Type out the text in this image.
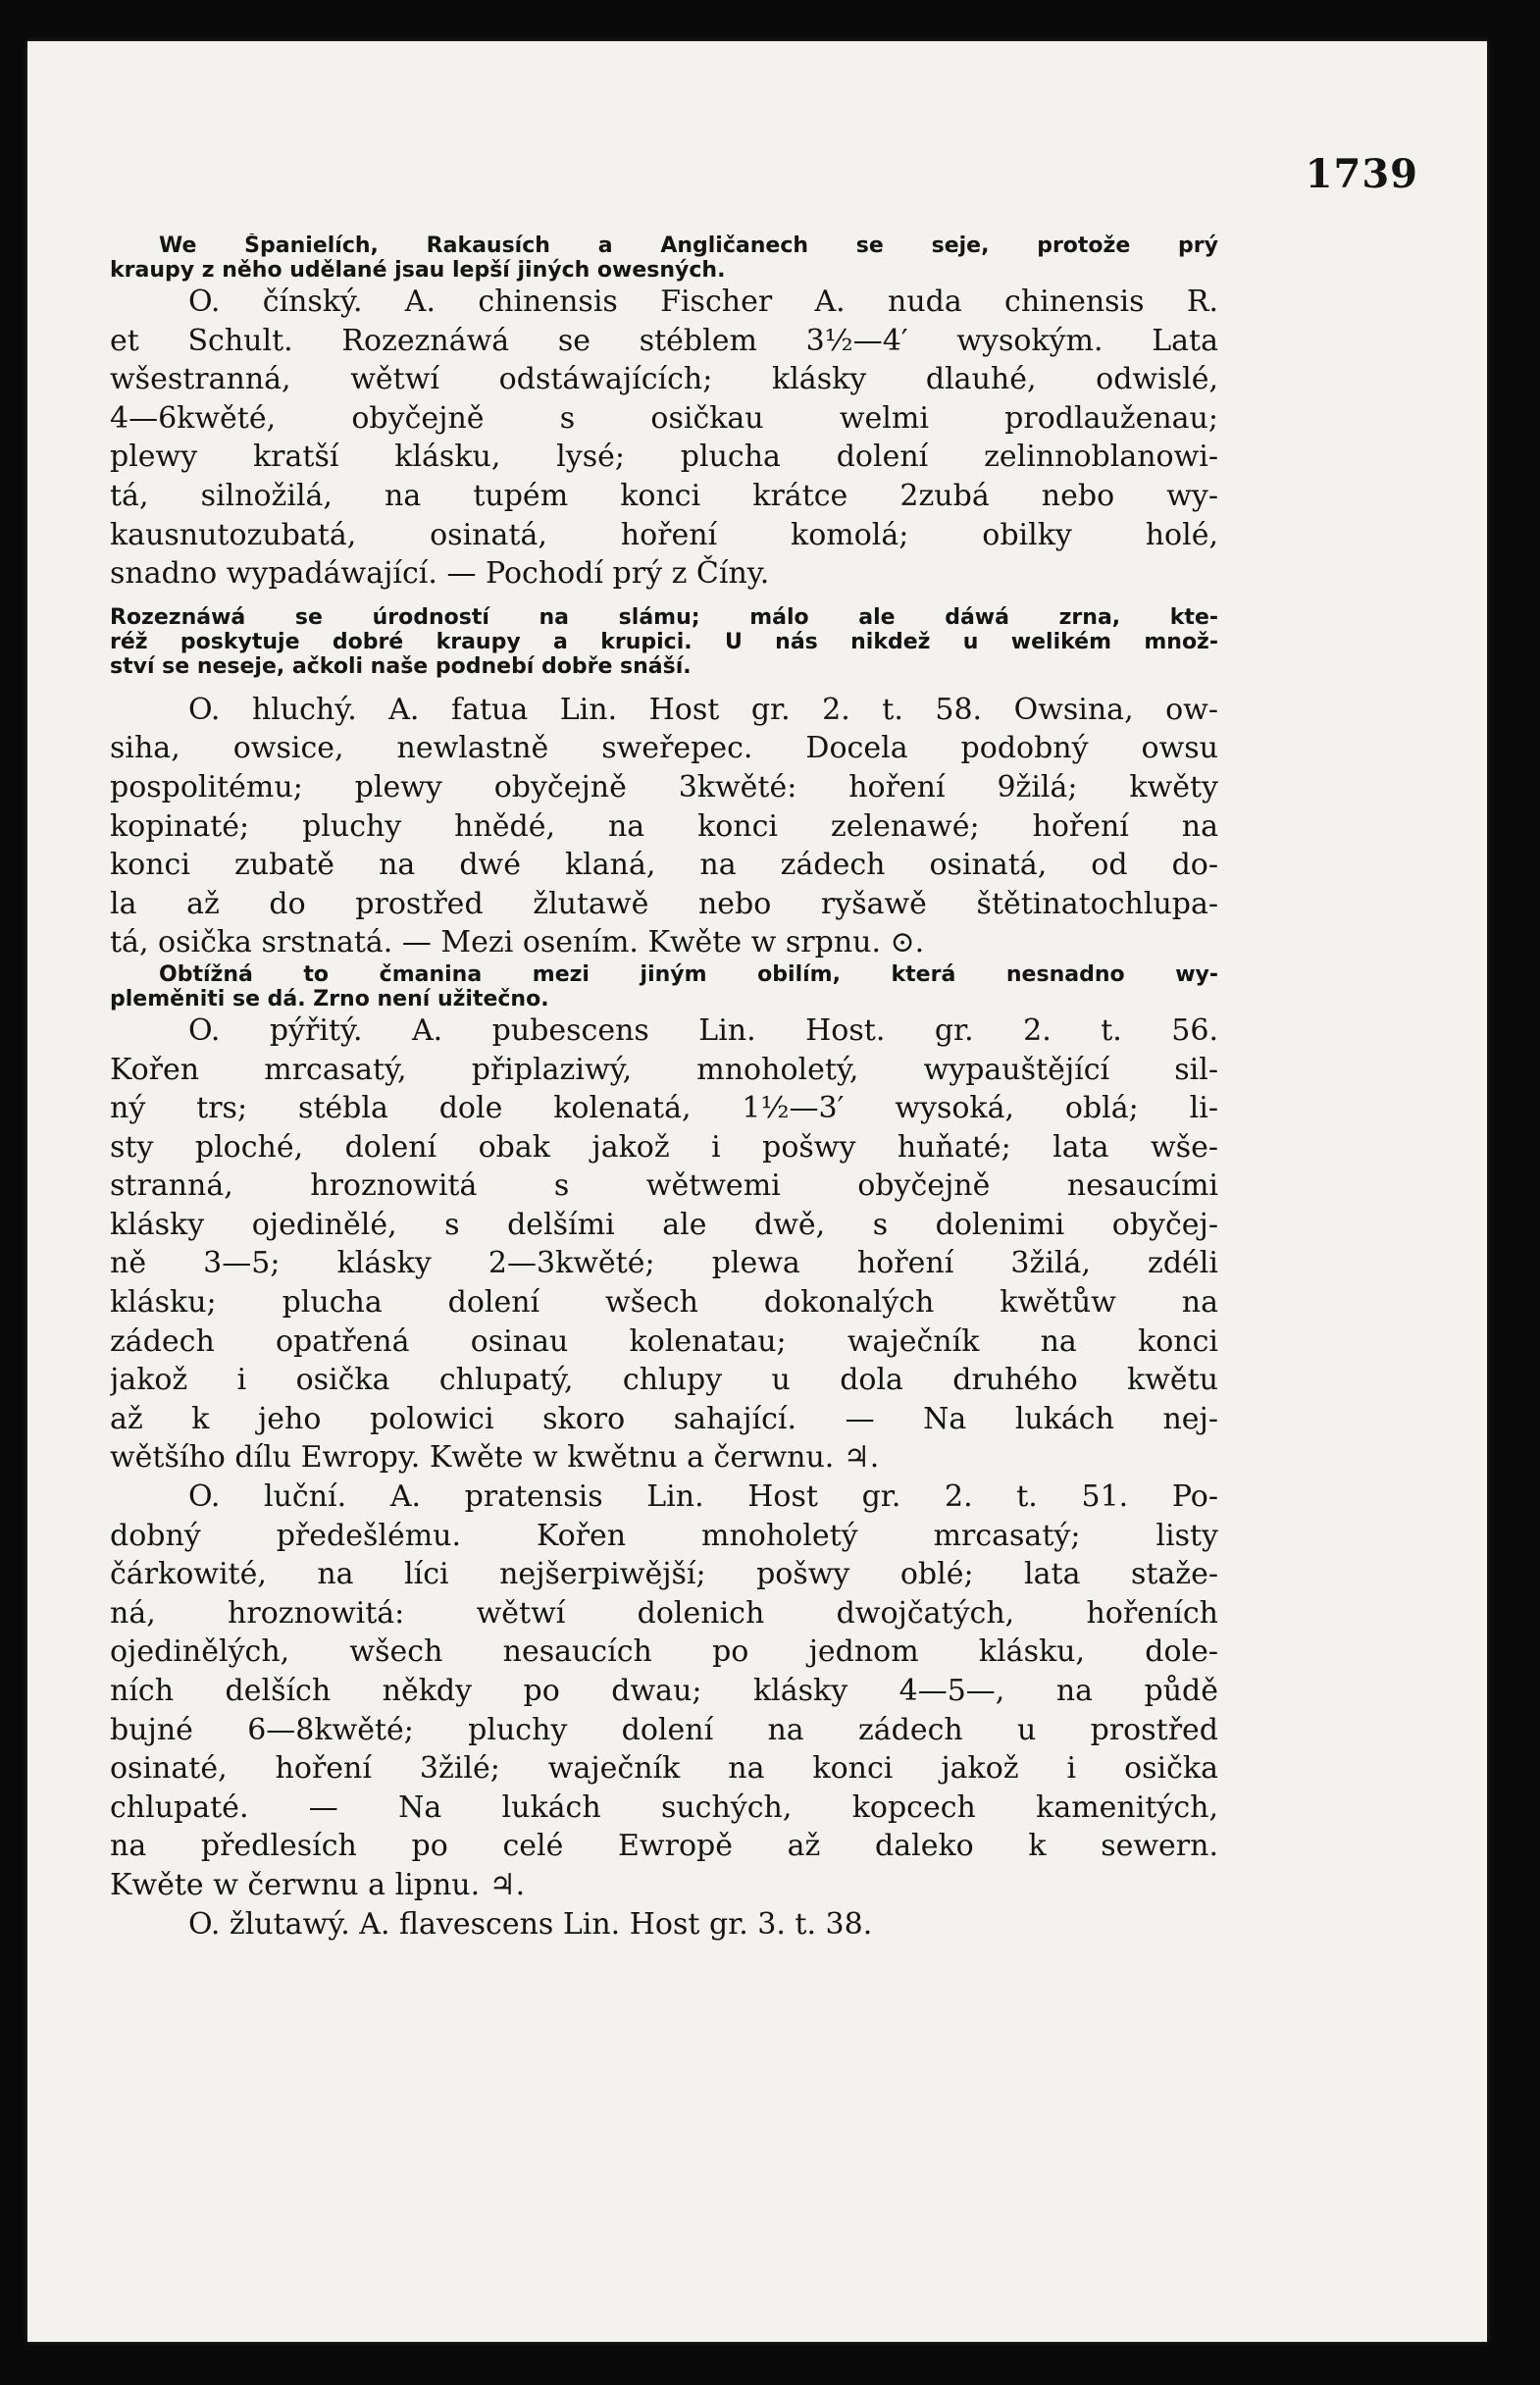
1739
We Španielích, Rakausích a Angličanech se seje, protože prý
kraupy z něho udělané jsau lepší jiných owesných.
O. čínský. A. chinensis Fischer A. nuda chinensis R.
et Schult. Rozeznáwá se stéblem 3½—4′ wysokým. Lata
wšestranná, wětwí odstáwajících; klásky dlauhé, odwislé,
4—6kwěté, obyčejně s osičkau welmi prodlauženau;
plewy kratší klásku, lysé; plucha dolení zelinnoblanowi-
tá, silnožilá, na tupém konci krátce 2zubá nebo wy-
kausnutozubatá, osinatá, hoření komolá; obilky holé,
snadno wypadáwající. — Pochodí prý z Číny.
Rozeznáwá se úrodností na slámu; málo ale dáwá zrna, kte-
réž poskytuje dobré kraupy a krupici. U nás nikdež u welikém množ-
ství se neseje, ačkoli naše podnebí dobře snáší.
O. hluchý. A. fatua Lin. Host gr. 2. t. 58. Owsina, ow-
siha, owsice, newlastně sweřepec. Docela podobný owsu
pospolitému; plewy obyčejně 3kwěté: hoření 9žilá; kwěty
kopinaté; pluchy hnědé, na konci zelenawé; hoření na
konci zubatě na dwé klaná, na zádech osinatá, od do-
la až do prostřed žlutawě nebo ryšawě štětinatochlupa-
tá, osička srstnatá. — Mezi osením. Kwěte w srpnu. ⊙.
Obtížná to čmanina mezi jiným obilím, která nesnadno wy-
pleměniti se dá. Zrno není užitečno.
O. pýřitý. A. pubescens Lin. Host. gr. 2. t. 56.
Kořen mrcasatý, připlaziwý, mnoholetý, wypauštějící sil-
ný trs; stébla dole kolenatá, 1½—3′ wysoká, oblá; li-
sty ploché, dolení obak jakož i pošwy huňaté; lata wše-
stranná, hroznowitá s wětwemi obyčejně nesaucími
klásky ojedinělé, s delšími ale dwě, s dolenimi obyčej-
ně 3—5; klásky 2—3kwěté; plewa hoření 3žilá, zdéli
klásku; plucha dolení wšech dokonalých kwětůw na
zádech opatřená osinau kolenatau; waječník na konci
jakož i osička chlupatý, chlupy u dola druhého kwětu
až k jeho polowici skoro sahající. — Na lukách nej-
wětšího dílu Ewropy. Kwěte w kwětnu a čerwnu. ♃.
O. luční. A. pratensis Lin. Host gr. 2. t. 51. Po-
dobný předešlému. Kořen mnoholetý mrcasatý; listy
čárkowité, na líci nejšerpiwější; pošwy oblé; lata staže-
ná, hroznowitá: wětwí dolenich dwojčatých, hořeních
ojedinělých, wšech nesaucích po jednom klásku, dole-
ních delších někdy po dwau; klásky 4—5—, na půdě
bujné 6—8kwěté; pluchy dolení na zádech u prostřed
osinaté, hoření 3žilé; waječník na konci jakož i osička
chlupaté. — Na lukách suchých, kopcech kamenitých,
na předlesích po celé Ewropě až daleko k sewern.
Kwěte w čerwnu a lipnu. ♃.
O. žlutawý. A. flavescens Lin. Host gr. 3. t. 38.
